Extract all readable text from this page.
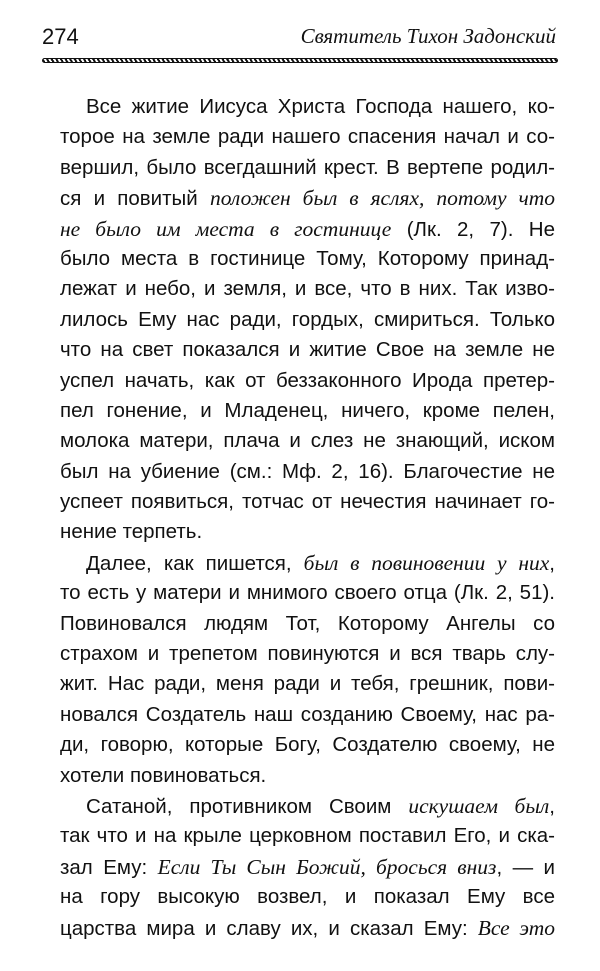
274	Святитель Тихон Задонский
Все житие Иисуса Христа Господа нашего, ко-
торое на земле ради нашего спасения начал и со-
вершил, было всегдашний крест. В вертепе родил-
ся и повитый положен был в яслях, потому что
не было им места в гостинице (Лк. 2, 7). Не
было места в гостинице Тому, Которому принад-
лежат и небо, и земля, и все, что в них. Так изво-
лилось Ему нас ради, гордых, смириться. Только
что на свет показался и житие Свое на земле не
успел начать, как от беззаконного Ирода претер-
пел гонение, и Младенец, ничего, кроме пелен,
молока матери, плача и слез не знающий, иском
был на убиение (см.: Мф. 2, 16). Благочестие не
успеет появиться, тотчас от нечестия начинает го-
нение терпеть.
Далее, как пишется, был в повиновении у них,
то есть у матери и мнимого своего отца (Лк. 2, 51).
Повиновался людям Тот, Которому Ангелы со
страхом и трепетом повинуются и вся тварь слу-
жит. Нас ради, меня ради и тебя, грешник, пови-
новался Создатель наш созданию Своему, нас ра-
ди, говорю, которые Богу, Создателю своему, не
хотели повиноваться.
Сатаной, противником Своим искушаем был,
так что и на крыле церковном поставил Его, и ска-
зал Ему: Если Ты Сын Божий, бросься вниз, — и
на гору высокую возвел, и показал Ему все
царства мира и славу их, и сказал Ему: Все это
